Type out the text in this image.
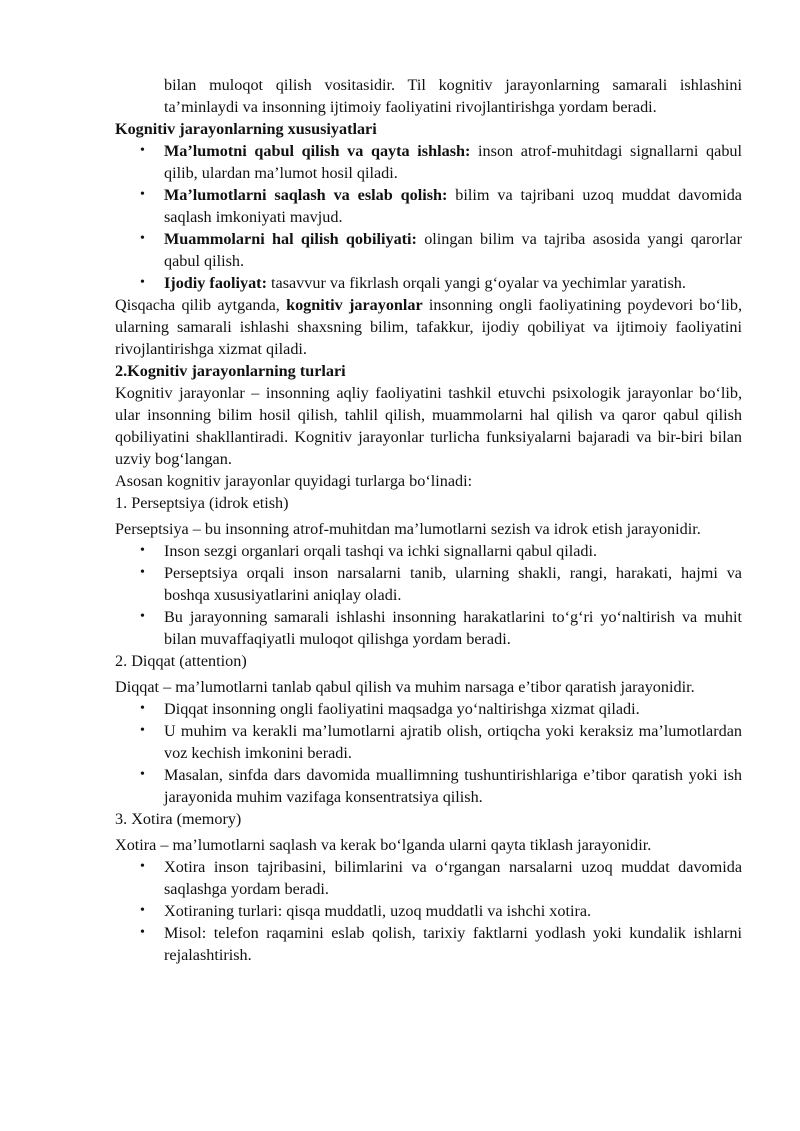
bilan muloqot qilish vositasidir. Til kognitiv jarayonlarning samarali ishlashini ta’minlaydi va insonning ijtimoiy faoliyatini rivojlantirishga yordam beradi.

Kognitiv jarayonlarning xususiyatlari

• Ma’lumotni qabul qilish va qayta ishlash: inson atrof-muhitdagi signallarni qabul qilib, ulardan ma’lumot hosil qiladi.
• Ma’lumotlarni saqlash va eslab qolish: bilim va tajribani uzoq muddat davomida saqlash imkoniyati mavjud.
• Muammolarni hal qilish qobiliyati: olingan bilim va tajriba asosida yangi qarorlar qabul qilish.
• Ijodiy faoliyat: tasavvur va fikrlash orqali yangi g‘oyalar va yechimlar yaratish.

Qisqacha qilib aytganda, kognitiv jarayonlar insonning ongli faoliyatining poydevori bo‘lib, ularning samarali ishlashi shaxsning bilim, tafakkur, ijodiy qobiliyat va ijtimoiy faoliyatini rivojlantirishga xizmat qiladi.

2.Kognitiv jarayonlarning turlari

Kognitiv jarayonlar – insonning aqliy faoliyatini tashkil etuvchi psixologik jarayonlar bo‘lib, ular insonning bilim hosil qilish, tahlil qilish, muammolarni hal qilish va qaror qabul qilish qobiliyatini shakllantiradi. Kognitiv jarayonlar turlicha funksiyalarni bajaradi va bir-biri bilan uzviy bog‘langan.

Asosan kognitiv jarayonlar quyidagi turlarga bo‘linadi:

1. Perseptsiya (idrok etish)

Perseptsiya – bu insonning atrof-muhitdan ma’lumotlarni sezish va idrok etish jarayonidir.

• Inson sezgi organlari orqali tashqi va ichki signallarni qabul qiladi.
• Perseptsiya orqali inson narsalarni tanib, ularning shakli, rangi, harakati, hajmi va boshqa xususiyatlarini aniqlay oladi.
• Bu jarayonning samarali ishlashi insonning harakatlarini to‘g‘ri yo‘naltirish va muhit bilan muvaffaqiyatli muloqot qilishga yordam beradi.

2. Diqqat (attention)

Diqqat – ma’lumotlarni tanlab qabul qilish va muhim narsaga e’tibor qaratish jarayonidir.

• Diqqat insonning ongli faoliyatini maqsadga yo‘naltirishga xizmat qiladi.
• U muhim va kerakli ma’lumotlarni ajratib olish, ortiqcha yoki keraksiz ma’lumotlardan voz kechish imkonini beradi.
• Masalan, sinfda dars davomida muallimning tushuntirishlariga e’tibor qaratish yoki ish jarayonida muhim vazifaga konsentratsiya qilish.

3. Xotira (memory)

Xotira – ma’lumotlarni saqlash va kerak bo‘lganda ularni qayta tiklash jarayonidir.

• Xotira inson tajribasini, bilimlarini va o‘rgangan narsalarni uzoq muddat davomida saqlashga yordam beradi.
• Xotiraning turlari: qisqa muddatli, uzoq muddatli va ishchi xotira.
• Misol: telefon raqamini eslab qolish, tarixiy faktlarni yodlash yoki kundalik ishlarni rejalashtirish.
